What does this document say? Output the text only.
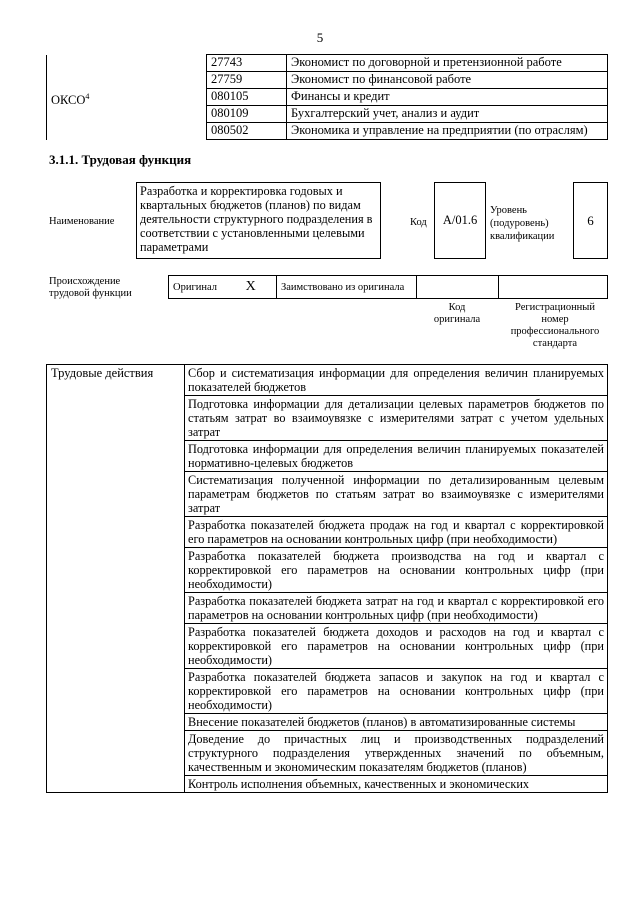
5
ОКСО$^4$	27743	Экономист по договорной и претензионной работе
	27759	Экономист по финансовой работе
	080105	Финансы и кредит
	080109	Бухгалтерский учет, анализ и аудит
	080502	Экономика и управление на предприятии (по отраслям)
3.1.1. Трудовая функция
Наименование
Разработка и корректировка годовых и квартальных бюджетов (планов) по видам деятельности структурного подразделения в соответствии с установленными целевыми параметрами
Код	А/01.6
Уровень
(подуровень)
квалификации
6
Происхождение
трудовой функции
Оригинал X	Заимствовано из оригинала		
Код
оригинала
Регистрационный
номер
профессионального
стандарта
Трудовые действия	Сбор и систематизация информации для определения величин планируемых показателей бюджетов
Подготовка информации для детализации целевых параметров бюджетов по статьям затрат во взаимоувязке с измерителями затрат с учетом удельных затрат
Подготовка информации для определения величин планируемых показателей нормативно-целевых бюджетов
Систематизация полученной информации по детализированным целевым параметрам бюджетов по статьям затрат во взаимоувязке с измерителями затрат
Разработка показателей бюджета продаж на год и квартал с корректировкой его параметров на основании контрольных цифр (при необходимости)
Разработка показателей бюджета производства на год и квартал с корректировкой его параметров на основании контрольных цифр (при необходимости)
Разработка показателей бюджета затрат на год и квартал с корректировкой его параметров на основании контрольных цифр (при необходимости)
Разработка показателей бюджета доходов и расходов на год и квартал с корректировкой его параметров на основании контрольных цифр (при необходимости)
Разработка показателей бюджета запасов и закупок на год и квартал с корректировкой его параметров на основании контрольных цифр (при необходимости)
Внесение показателей бюджетов (планов) в автоматизированные системы
Доведение до причастных лиц и производственных подразделений структурного подразделения утвержденных значений по объемным, качественным и экономическим показателям бюджетов (планов)
Контроль исполнения объемных, качественных и экономических
